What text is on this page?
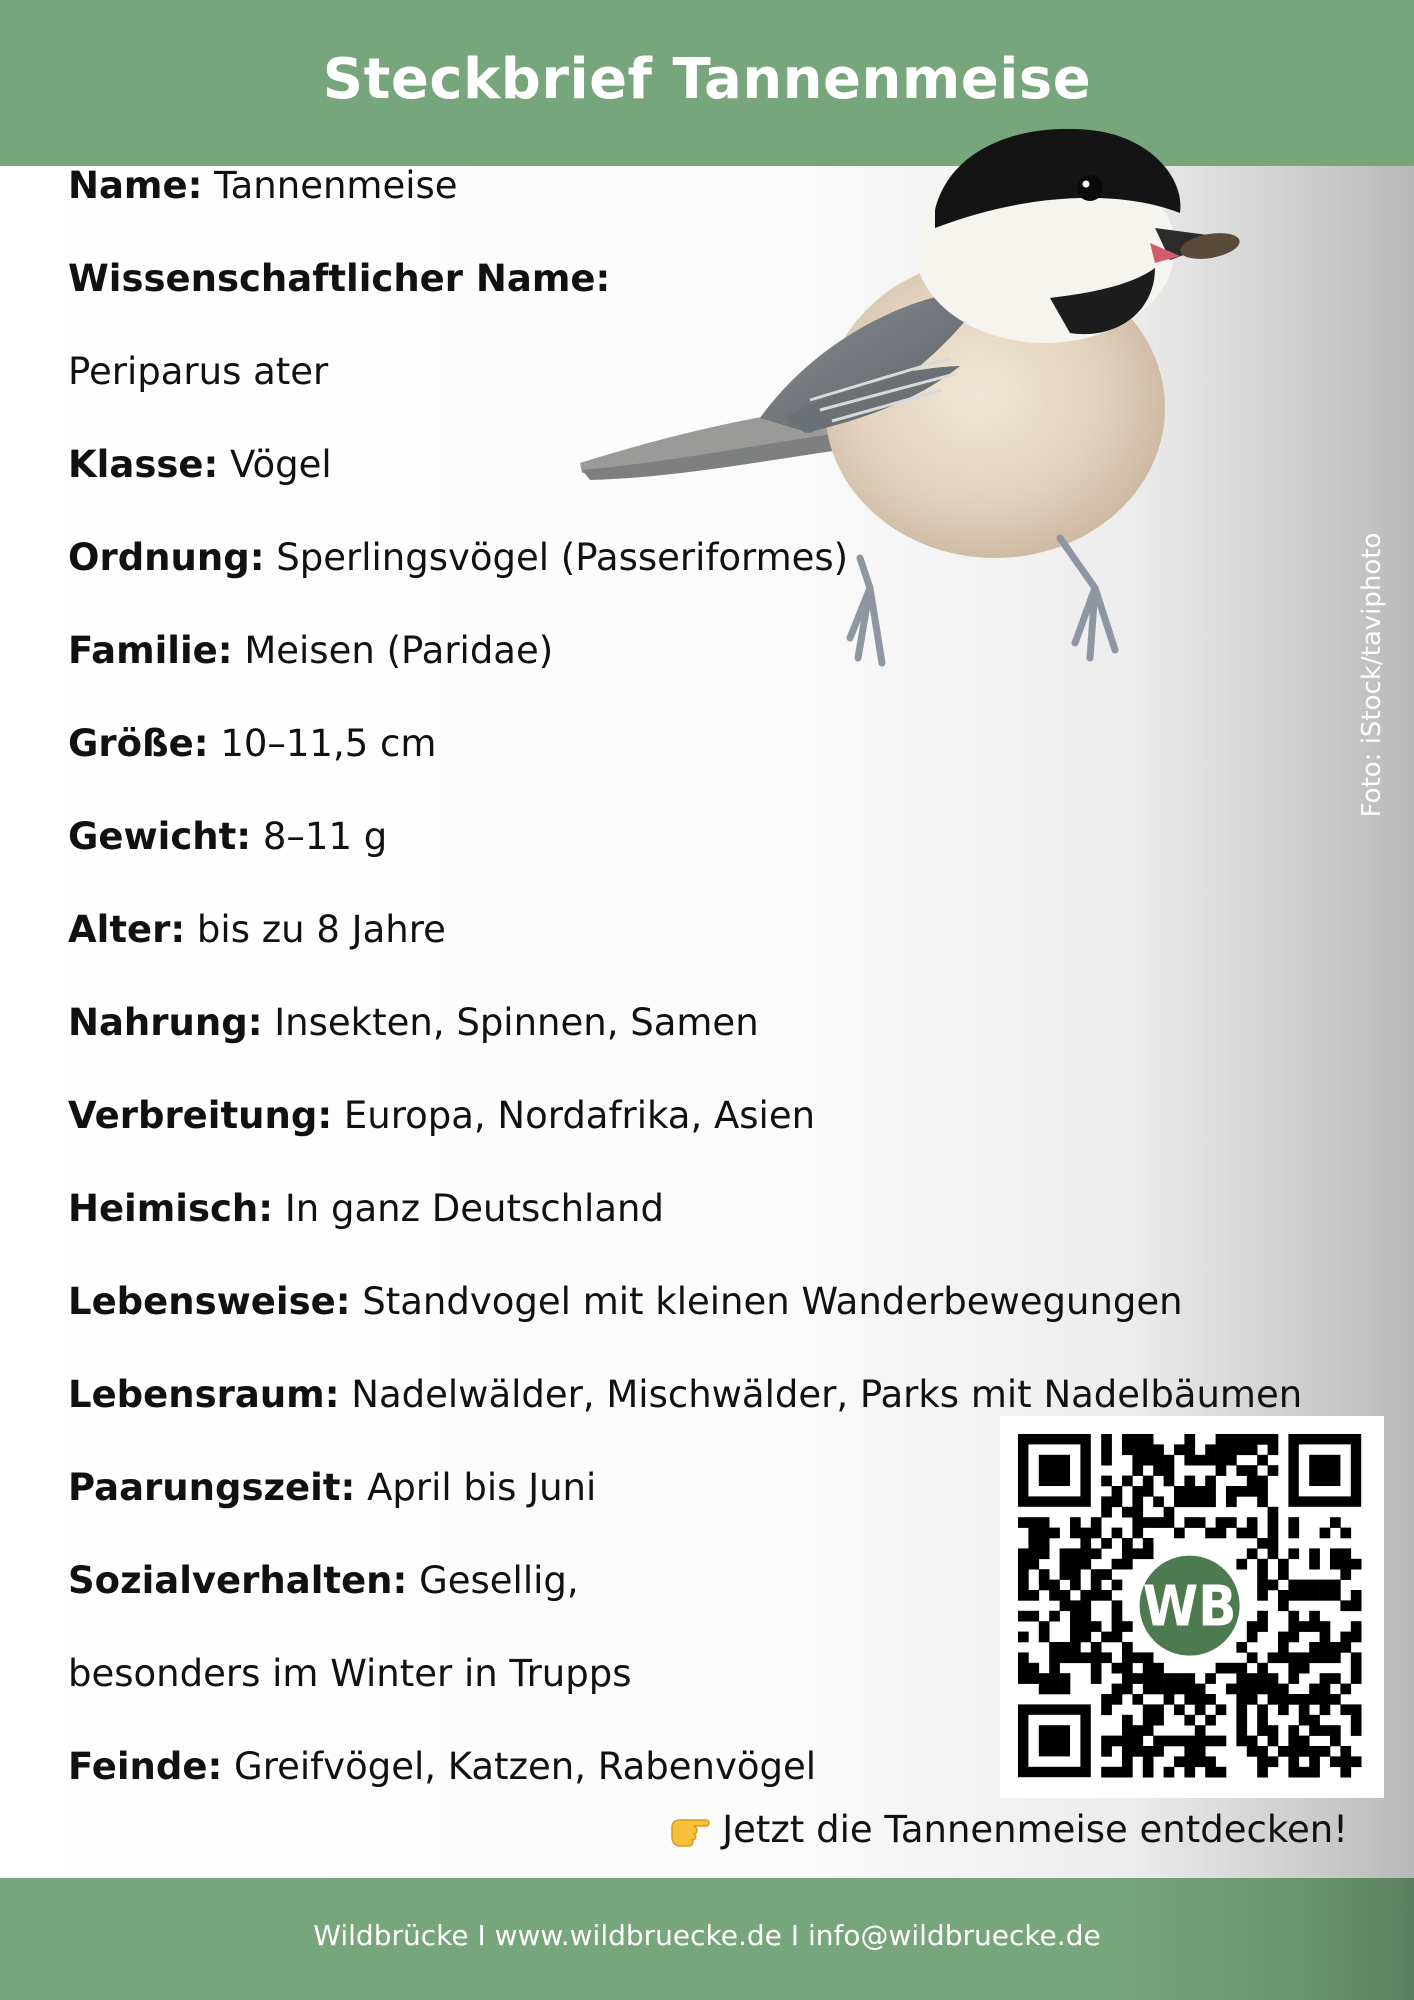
Steckbrief Tannenmeise
Foto: iStock/taviphoto
Name: Tannenmeise
Wissenschaftlicher Name:
Periparus ater
Klasse: Vögel
Ordnung: Sperlingsvögel (Passeriformes)
Familie: Meisen (Paridae)
Größe: 10–11,5 cm
Gewicht: 8–11 g
Alter: bis zu 8 Jahre
Nahrung: Insekten, Spinnen, Samen
Verbreitung: Europa, Nordafrika, Asien
Heimisch: In ganz Deutschland
Lebensweise: Standvogel mit kleinen Wanderbewegungen
Lebensraum: Nadelwälder, Mischwälder, Parks mit Nadelbäumen
Paarungszeit: April bis Juni
Sozialverhalten: Gesellig,
besonders im Winter in Trupps
Feinde: Greifvögel, Katzen, Rabenvögel
WB
Jetzt die Tannenmeise entdecken!
Wildbrücke I www.wildbruecke.de I info@wildbruecke.de
